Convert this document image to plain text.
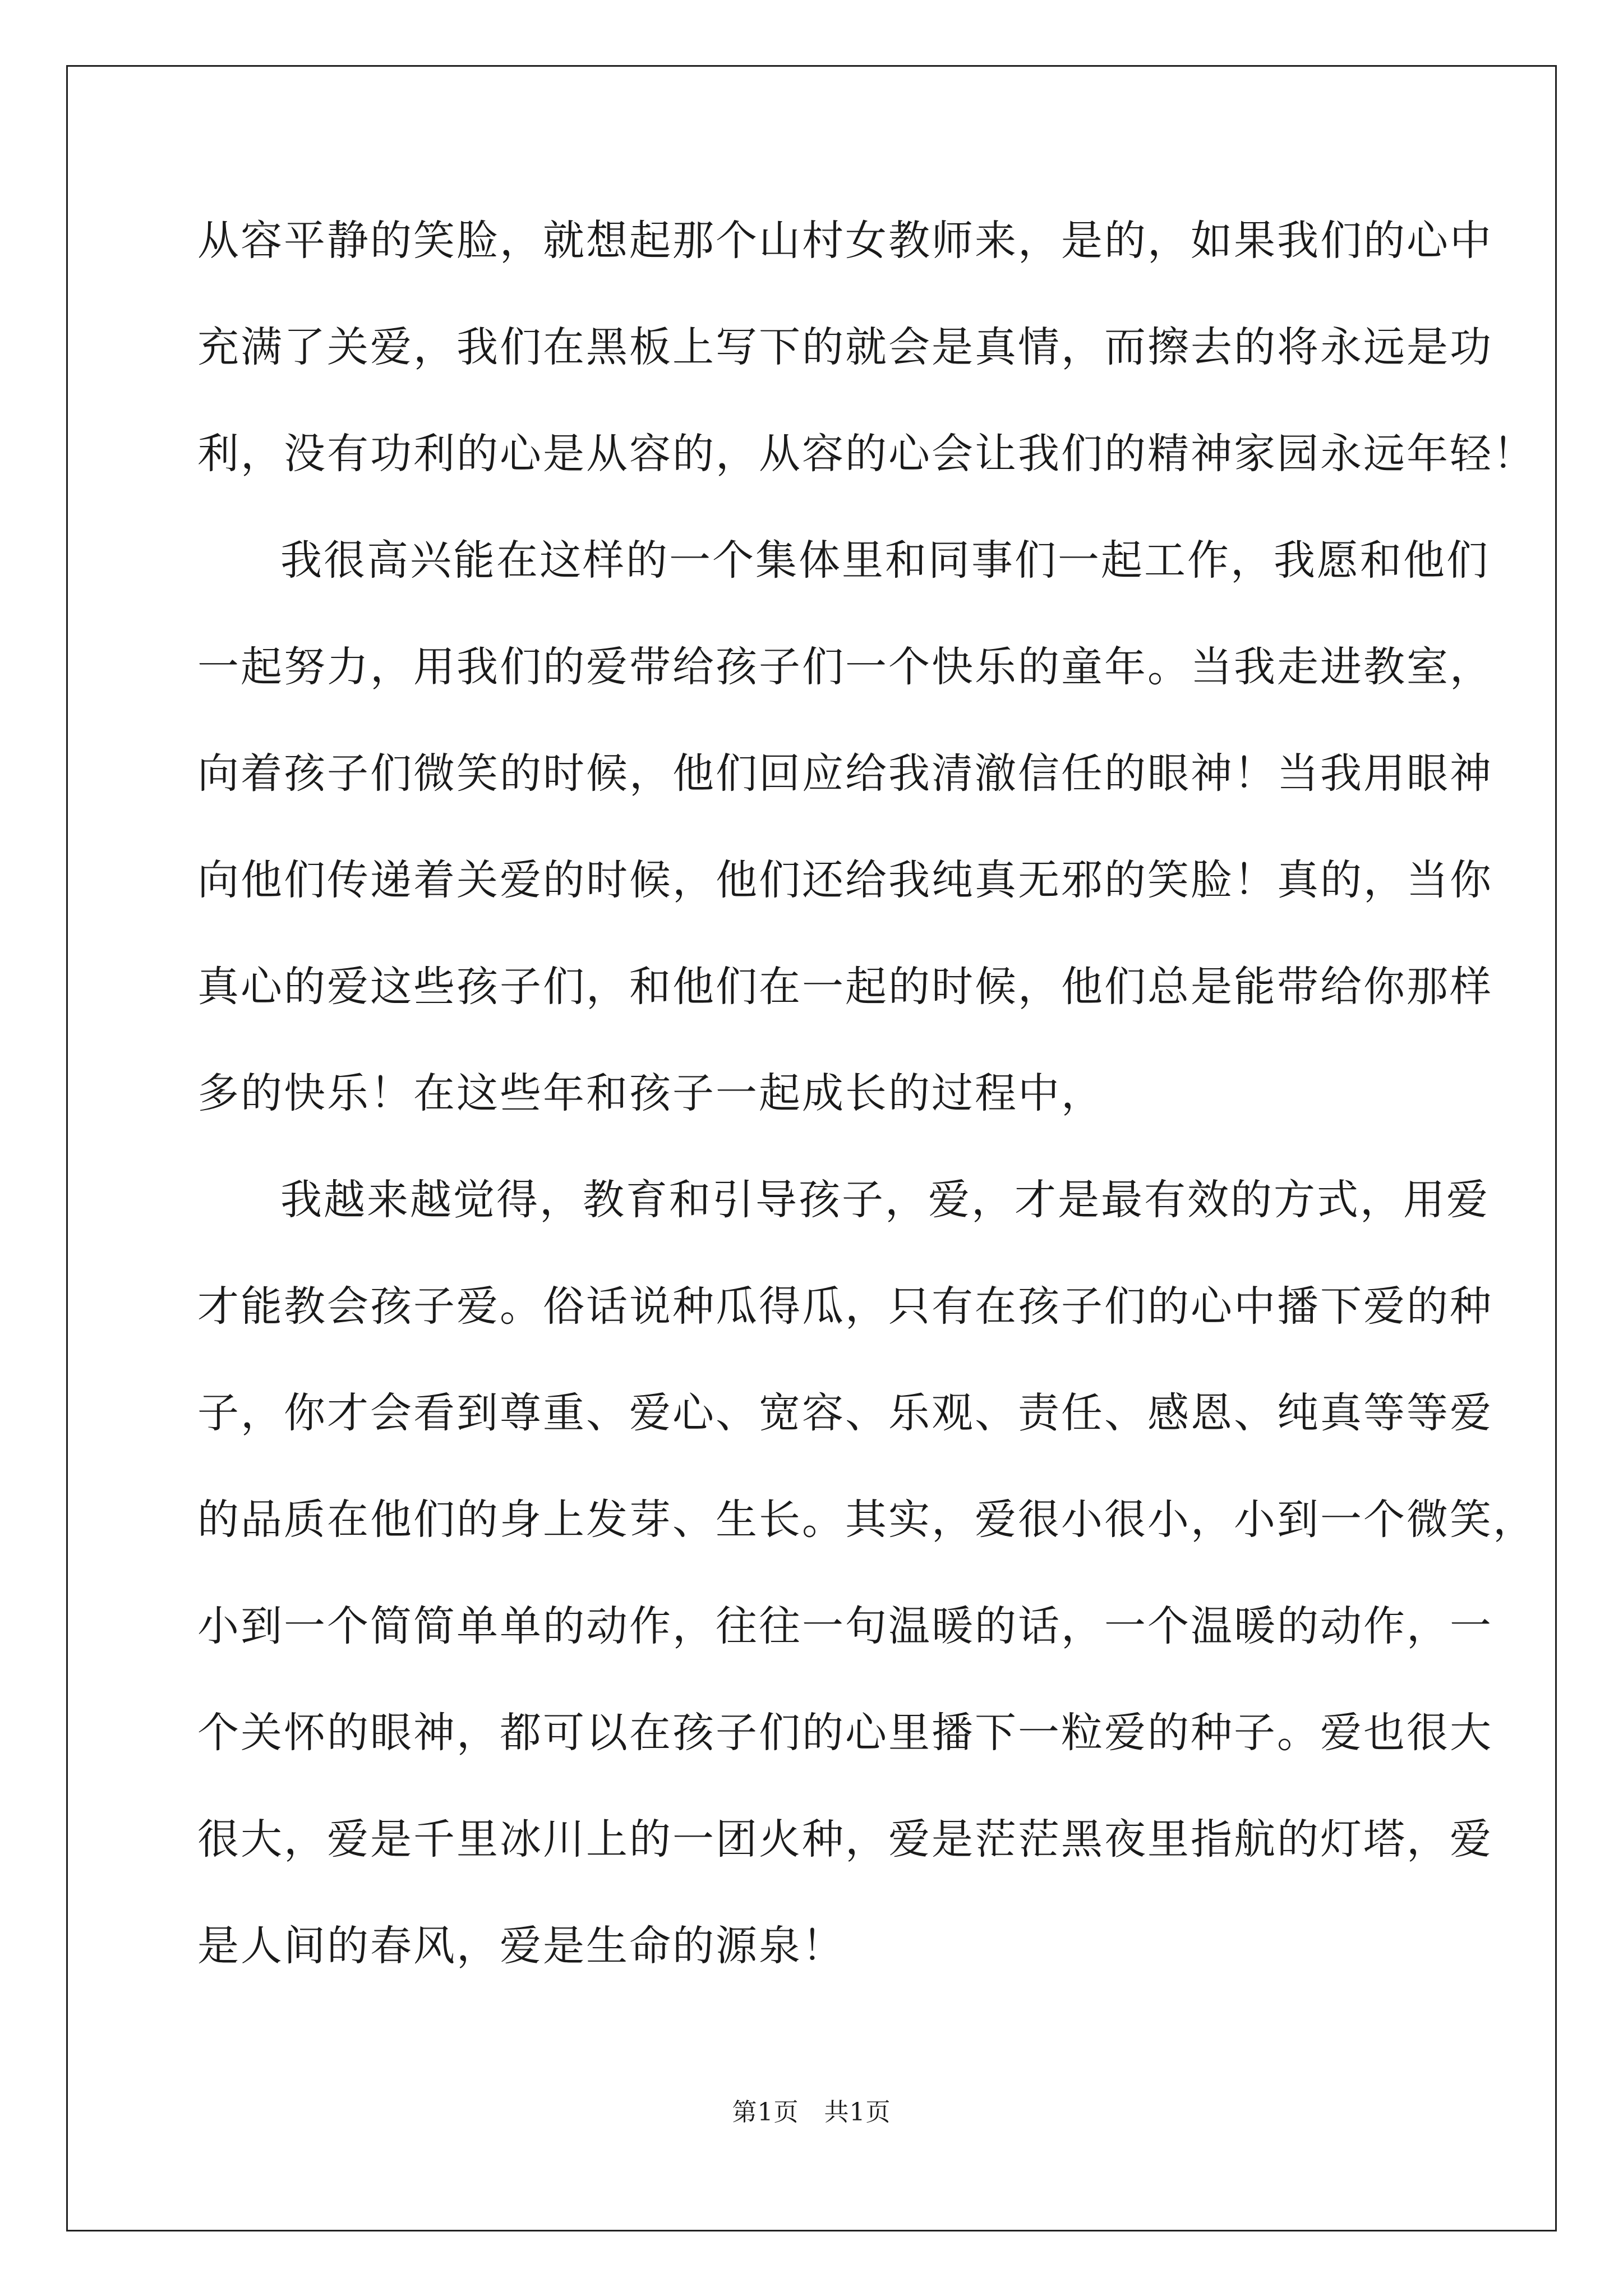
从容平静的笑脸，就想起那个山村女教师来，是的，如果我们的心中

充满了关爱，我们在黑板上写下的就会是真情，而擦去的将永远是功

利，没有功利的心是从容的，从容的心会让我们的精神家园永远年轻！

我很高兴能在这样的一个集体里和同事们一起工作，我愿和他们

一起努力，用我们的爱带给孩子们一个快乐的童年。当我走进教室，

向着孩子们微笑的时候，他们回应给我清澈信任的眼神！当我用眼神

向他们传递着关爱的时候，他们还给我纯真无邪的笑脸！真的，当你

真心的爱这些孩子们，和他们在一起的时候，他们总是能带给你那样

多的快乐！在这些年和孩子一起成长的过程中，

我越来越觉得，教育和引导孩子，爱，才是最有效的方式，用爱

才能教会孩子爱。俗话说种瓜得瓜，只有在孩子们的心中播下爱的种

子，你才会看到尊重、爱心、宽容、乐观、责任、感恩、纯真等等爱

的品质在他们的身上发芽、生长。其实，爱很小很小，小到一个微笑，

小到一个简简单单的动作，往往一句温暖的话，一个温暖的动作，一

个关怀的眼神，都可以在孩子们的心里播下一粒爱的种子。爱也很大

很大，爱是千里冰川上的一团火种，爱是茫茫黑夜里指航的灯塔，爱

是人间的春风，爱是生命的源泉！

第1页   共1页
